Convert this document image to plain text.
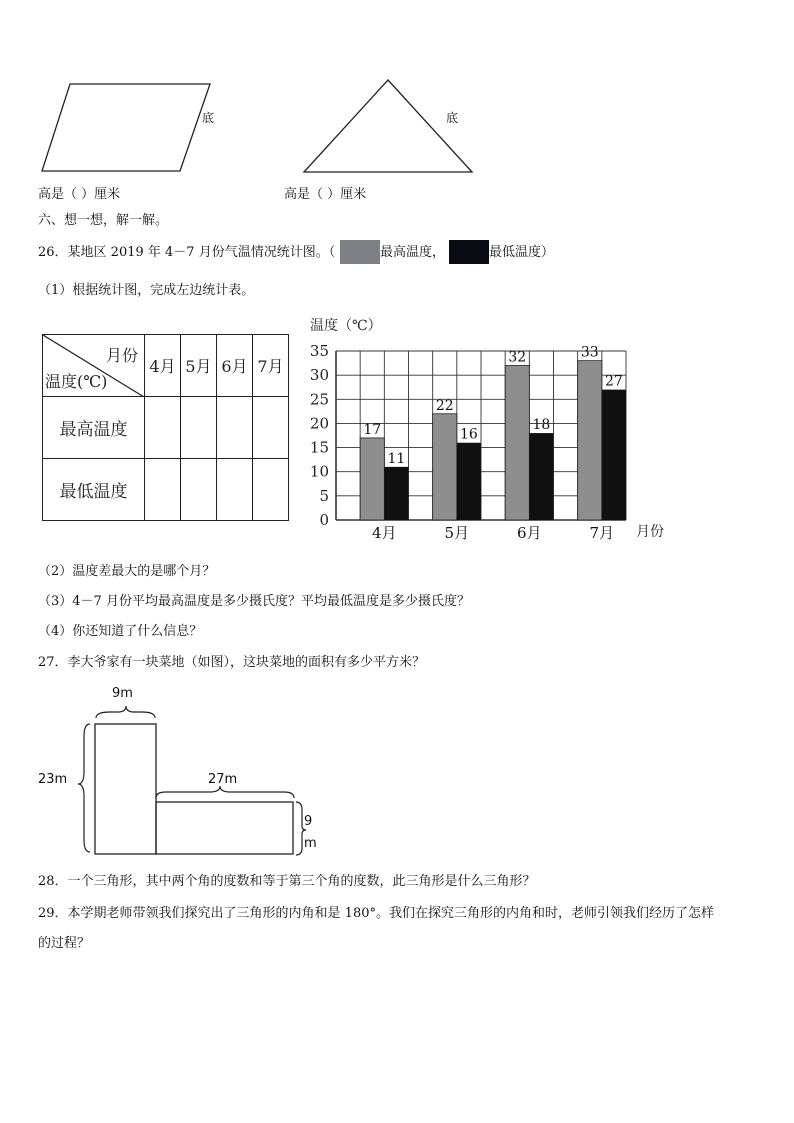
底	底
高是（ ）厘米	高是（ ）厘米
六、想一想，解一解。
26．某地区 2019 年 4－7 月份气温情况统计图。（	最高温度，	最低温度）
（1）根据统计图，完成左边统计表。
月份
温度(℃)	4月	5月	6月	7月
最高温度				
最低温度				
温度（℃）
月份
0
5
10
15
20
25
30
35
17
11
4月
22
16
5月
32
18
6月
33
27
7月
（2）温度差最大的是哪个月？
（3）4－7 月份平均最高温度是多少摄氏度？平均最低温度是多少摄氏度？
（4）你还知道了什么信息？
27．李大爷家有一块菜地（如图），这块菜地的面积有多少平方米？
9m
23m	27m
9
m
28．一个三角形，其中两个角的度数和等于第三个角的度数，此三角形是什么三角形？
29．本学期老师带领我们探究出了三角形的内角和是 180°。我们在探究三角形的内角和时，老师引领我们经历了怎样
的过程？
